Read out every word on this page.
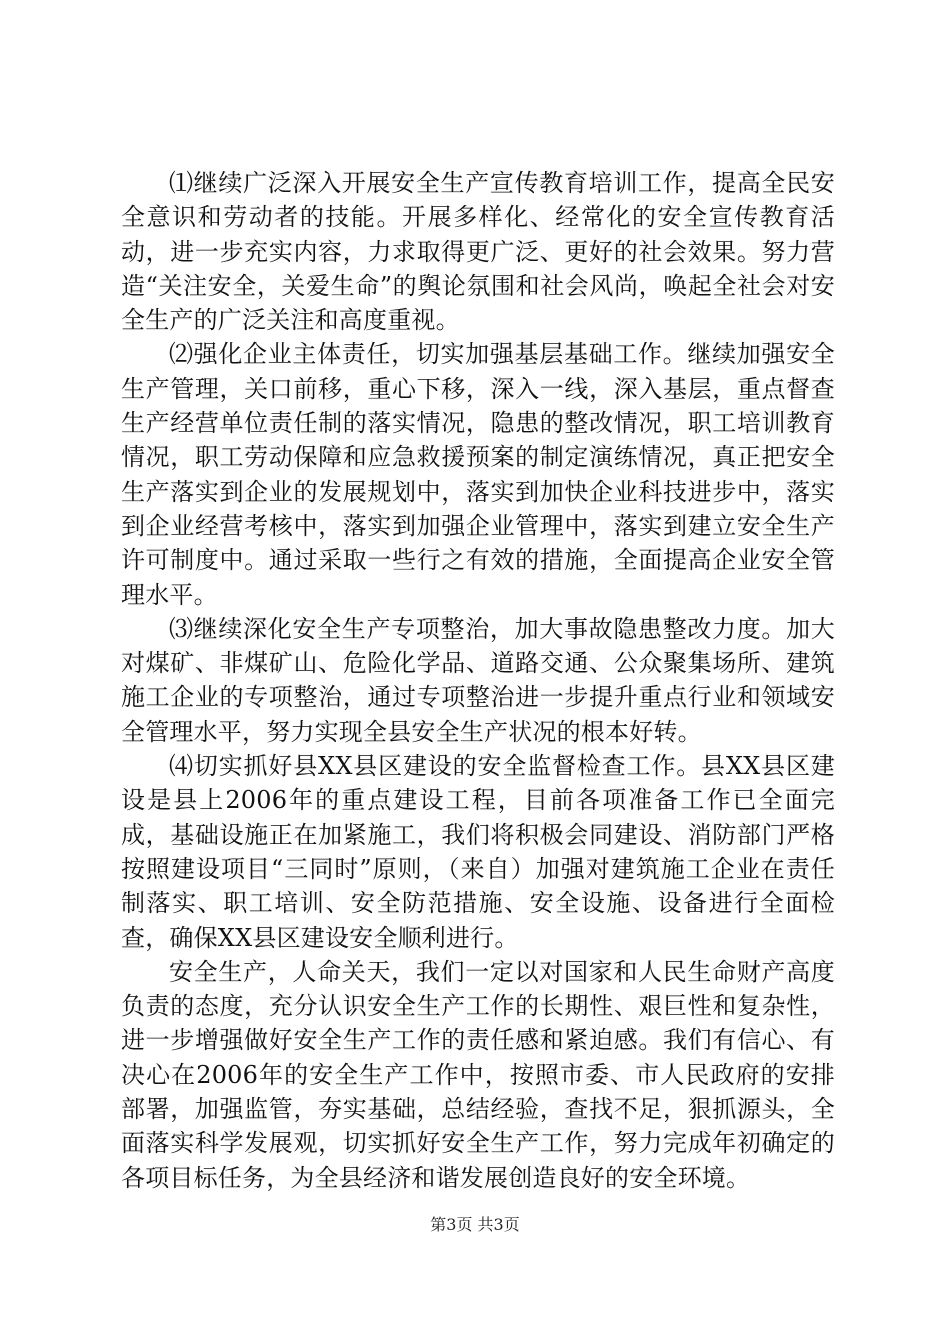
⑴继续广泛深入开展安全生产宣传教育培训工作，提高全民安全意识和劳动者的技能。开展多样化、经常化的安全宣传教育活动，进一步充实内容，力求取得更广泛、更好的社会效果。努力营造“关注安全，关爱生命”的舆论氛围和社会风尚，唤起全社会对安全生产的广泛关注和高度重视。

⑵强化企业主体责任，切实加强基层基础工作。继续加强安全生产管理，关口前移，重心下移，深入一线，深入基层，重点督查生产经营单位责任制的落实情况，隐患的整改情况，职工培训教育情况，职工劳动保障和应急救援预案的制定演练情况，真正把安全生产落实到企业的发展规划中，落实到加快企业科技进步中，落实到企业经营考核中，落实到加强企业管理中，落实到建立安全生产许可制度中。通过采取一些行之有效的措施，全面提高企业安全管理水平。

⑶继续深化安全生产专项整治，加大事故隐患整改力度。加大对煤矿、非煤矿山、危险化学品、道路交通、公众聚集场所、建筑施工企业的专项整治，通过专项整治进一步提升重点行业和领域安全管理水平，努力实现全县安全生产状况的根本好转。

⑷切实抓好县XX县区建设的安全监督检查工作。县XX县区建设是县上2006年的重点建设工程，目前各项准备工作已全面完成，基础设施正在加紧施工，我们将积极会同建设、消防部门严格按照建设项目“三同时”原则，（来自）加强对建筑施工企业在责任制落实、职工培训、安全防范措施、安全设施、设备进行全面检查，确保XX县区建设安全顺利进行。

安全生产，人命关天，我们一定以对国家和人民生命财产高度负责的态度，充分认识安全生产工作的长期性、艰巨性和复杂性，进一步增强做好安全生产工作的责任感和紧迫感。我们有信心、有决心在2006年的安全生产工作中，按照市委、市人民政府的安排部署，加强监管，夯实基础，总结经验，查找不足，狠抓源头，全面落实科学发展观，切实抓好安全生产工作，努力完成年初确定的各项目标任务，为全县经济和谐发展创造良好的安全环境。

第3页 共3页
